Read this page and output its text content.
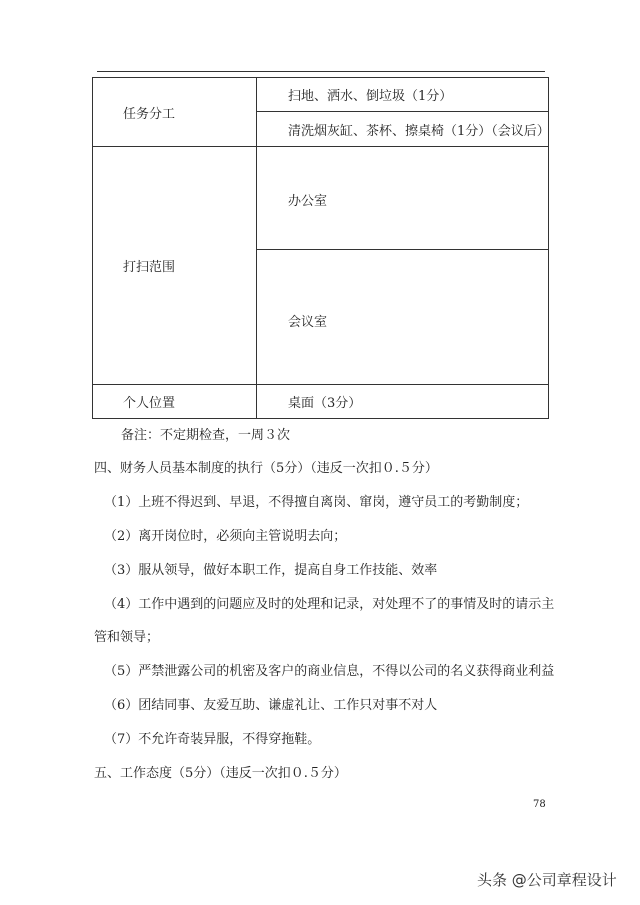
任务分工	扫地、洒水、倒垃圾（1分）
	清洗烟灰缸、茶杯、擦桌椅（1分）（会议后）
打扫范围	办公室
	会议室
个人位置	桌面（3分）

备注：不定期检查，一周３次

四、财务人员基本制度的执行（5分）（违反一次扣０.５分）

（1）上班不得迟到、早退，不得擅自离岗、窜岗，遵守员工的考勤制度；

（2）离开岗位时，必须向主管说明去向；

（3）服从领导，做好本职工作，提高自身工作技能、效率

（4）工作中遇到的问题应及时的处理和记录，对处理不了的事情及时的请示主

管和领导；

（5）严禁泄露公司的机密及客户的商业信息，不得以公司的名义获得商业利益

（6）团结同事、友爱互助、谦虚礼让、工作只对事不对人

（7）不允许奇装异服，不得穿拖鞋。

五、工作态度（5分）（违反一次扣０.５分）

78
头条 @公司章程设计
